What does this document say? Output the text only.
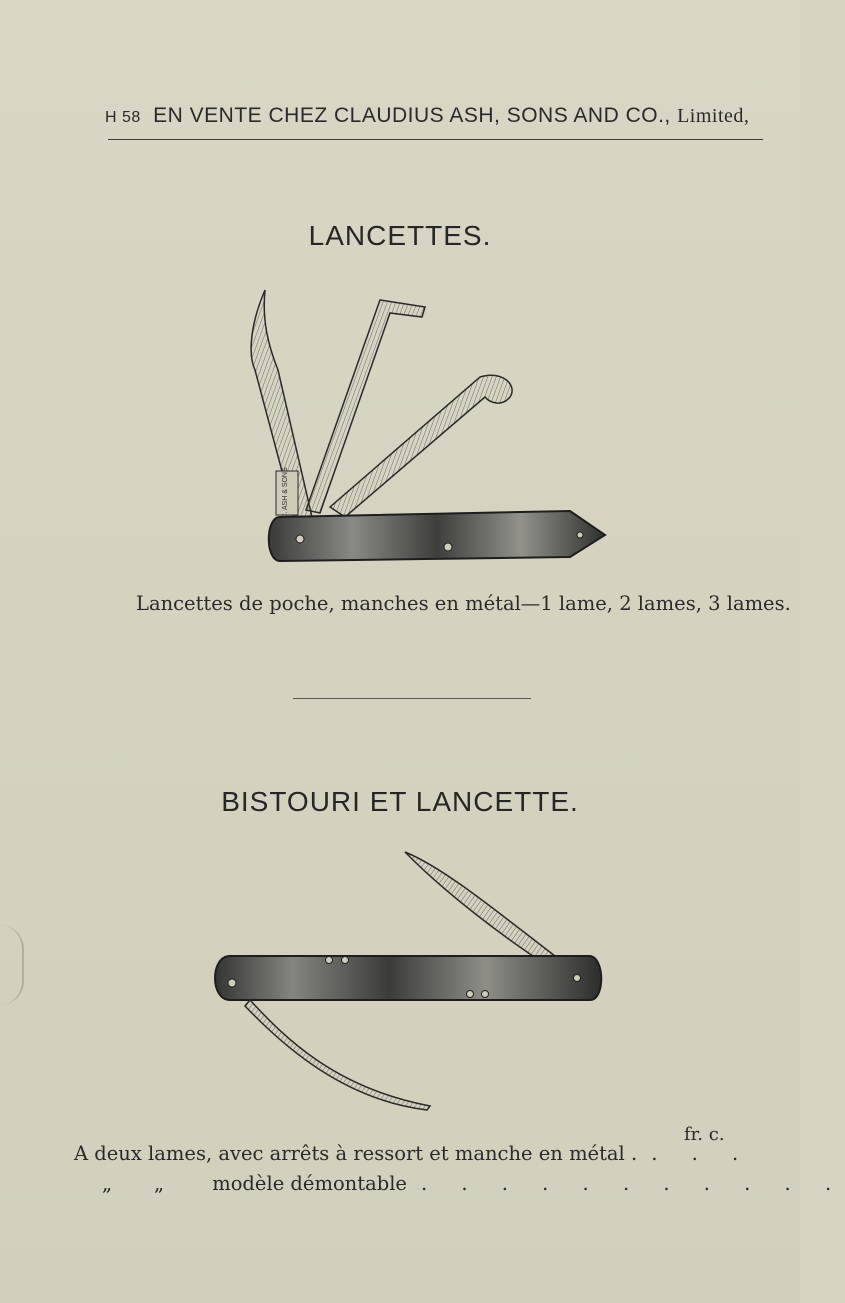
H 58 EN VENTE CHEZ CLAUDIUS ASH, SONS AND CO., Limited,
LANCETTES.
C. ASH & SONS
Lancettes de poche, manches en métal—1 lame, 2 lames, 3 lames.
BISTOURI ET LANCETTE.
fr. c.
A deux lames, avec arrêts à ressort et manche en métal . . . .
„ „ modèle démontable . . . . . . . . . . .
